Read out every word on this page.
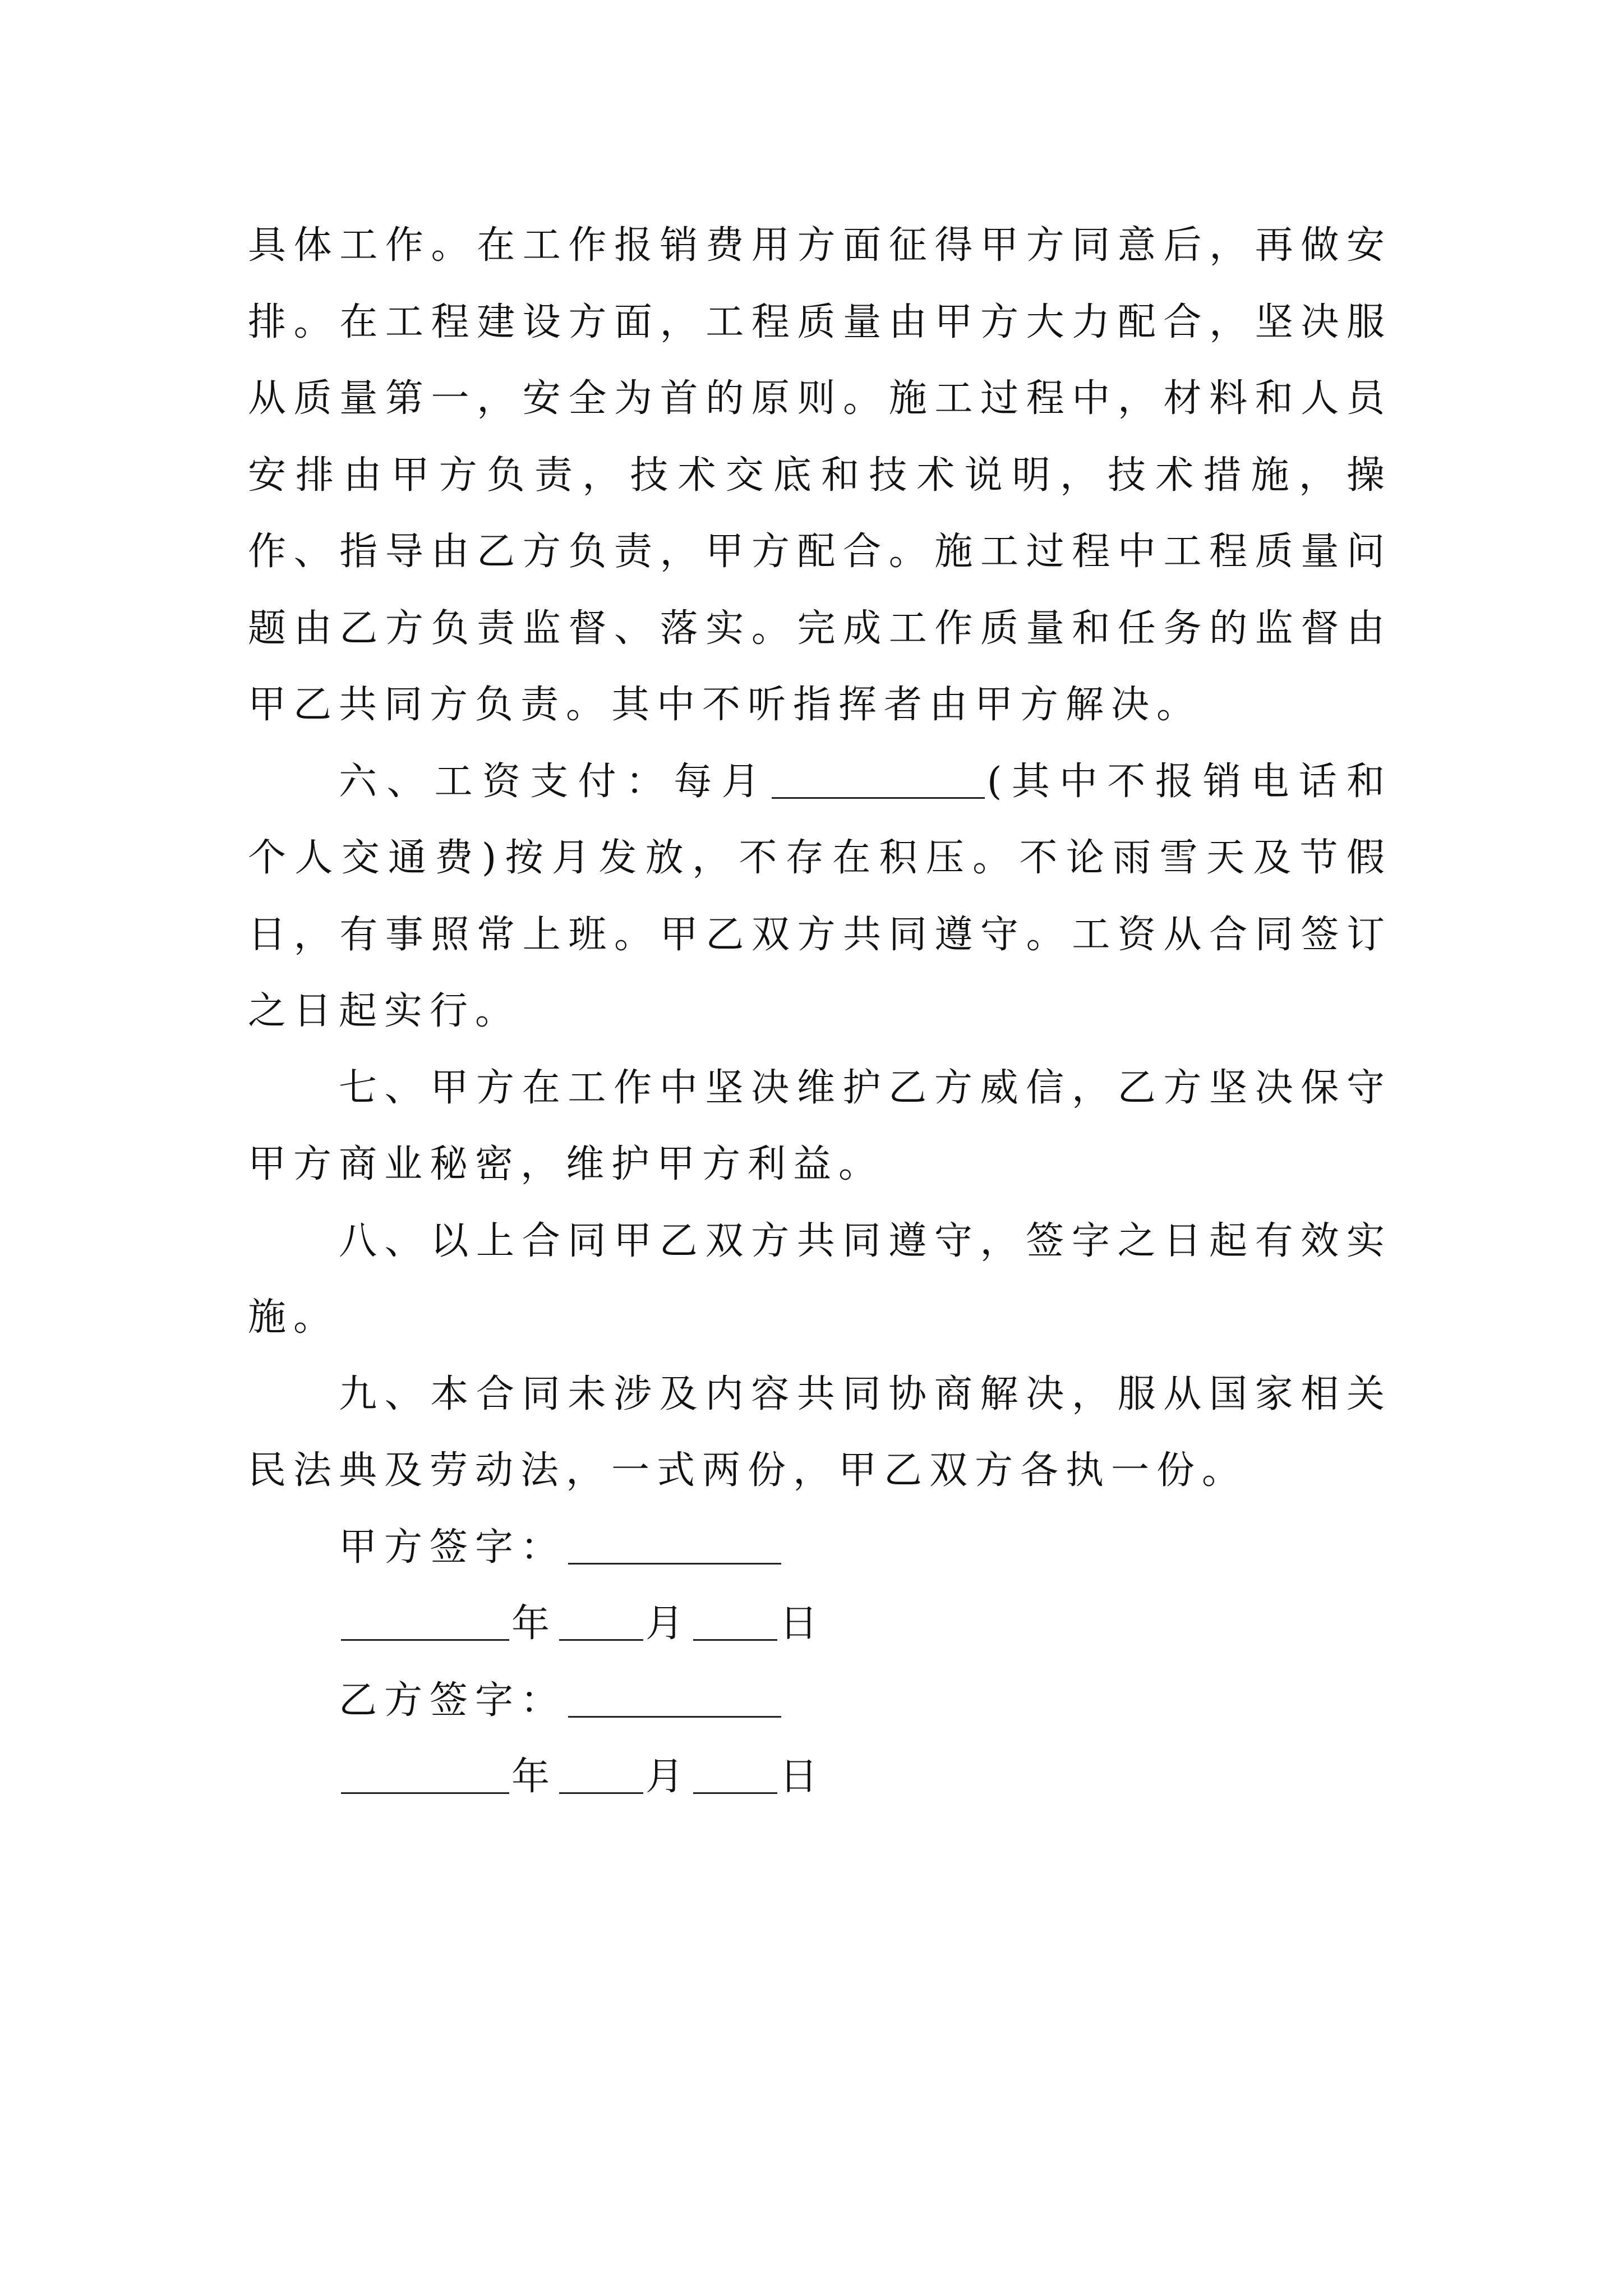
具体工作。在工作报销费用方面征得甲方同意后，再做安排。在工程建设方面，工程质量由甲方大力配合，坚决服从质量第一，安全为首的原则。施工过程中，材料和人员安排由甲方负责，技术交底和技术说明，技术措施，操作、指导由乙方负责，甲方配合。施工过程中工程质量问题由乙方负责监督、落实。完成工作质量和任务的监督由甲乙共同方负责。其中不听指挥者由甲方解决。

六、工资支付：每月	(其中不报销电话和个人交通费)按月发放，不存在积压。不论雨雪天及节假日，有事照常上班。甲乙双方共同遵守。工资从合同签订之日起实行。

七、甲方在工作中坚决维护乙方威信，乙方坚决保守甲方商业秘密，维护甲方利益。

八、以上合同甲乙双方共同遵守，签字之日起有效实施。

九、本合同未涉及内容共同协商解决，服从国家相关民法典及劳动法，一式两份，甲乙双方各执一份。

甲方签字：
年 月 日
乙方签字：
年 月 日
